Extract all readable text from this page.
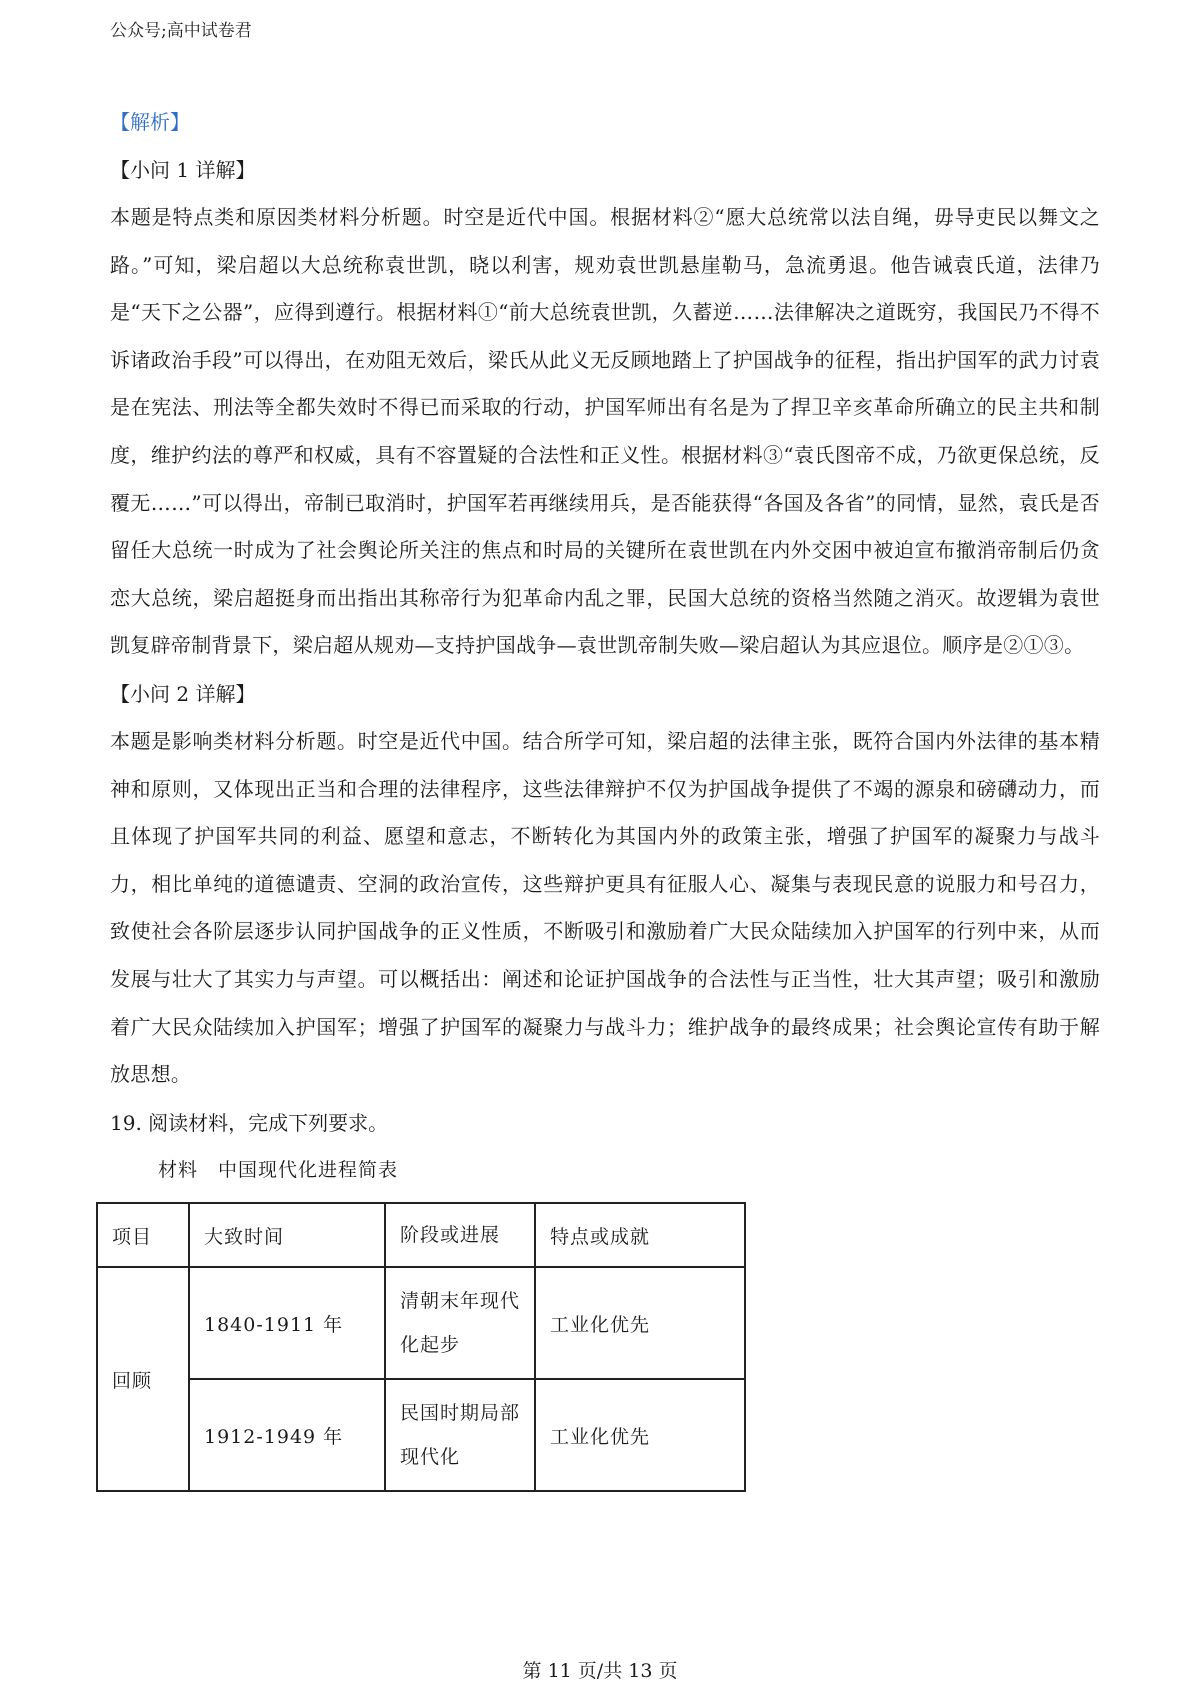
公众号;高中试卷君
【解析】
【小问 1 详解】

本题是特点类和原因类材料分析题。时空是近代中国。根据材料②“愿大总统常以法自绳，毋导吏民以舞文之路。”可知，梁启超以大总统称袁世凯，晓以利害，规劝袁世凯悬崖勒马，急流勇退。他告诫袁氏道，法律乃是“天下之公器”，应得到遵行。根据材料①“前大总统袁世凯，久蓄逆……法律解决之道既穷，我国民乃不得不诉诸政治手段”可以得出，在劝阻无效后，梁氏从此义无反顾地踏上了护国战争的征程，指出护国军的武力讨袁是在宪法、刑法等全都失效时不得已而采取的行动，护国军师出有名是为了捍卫辛亥革命所确立的民主共和制度，维护约法的尊严和权威，具有不容置疑的合法性和正义性。根据材料③“袁氏图帝不成，乃欲更保总统，反覆无……”可以得出，帝制已取消时，护国军若再继续用兵，是否能获得“各国及各省”的同情，显然，袁氏是否留任大总统一时成为了社会舆论所关注的焦点和时局的关键所在袁世凯在内外交困中被迫宣布撤消帝制后仍贪恋大总统，梁启超挺身而出指出其称帝行为犯革命内乱之罪，民国大总统的资格当然随之消灭。故逻辑为袁世凯复辟帝制背景下，梁启超从规劝—支持护国战争—袁世凯帝制失败—梁启超认为其应退位。顺序是②①③。

【小问 2 详解】

本题是影响类材料分析题。时空是近代中国。结合所学可知，梁启超的法律主张，既符合国内外法律的基本精神和原则，又体现出正当和合理的法律程序，这些法律辩护不仅为护国战争提供了不竭的源泉和磅礴动力，而且体现了护国军共同的利益、愿望和意志，不断转化为其国内外的政策主张，增强了护国军的凝聚力与战斗力，相比单纯的道德谴责、空洞的政治宣传，这些辩护更具有征服人心、凝集与表现民意的说服力和号召力，致使社会各阶层逐步认同护国战争的正义性质，不断吸引和激励着广大民众陆续加入护国军的行列中来，从而发展与壮大了其实力与声望。可以概括出：阐述和论证护国战争的合法性与正当性，壮大其声望；吸引和激励着广大民众陆续加入护国军；增强了护国军的凝聚力与战斗力；维护战争的最终成果；社会舆论宣传有助于解放思想。

19. 阅读材料，完成下列要求。
材料　中国现代化进程简表
项目	大致时间	阶段或进展	特点或成就
回顾	1840-1911 年	清朝末年现代化起步	工业化优先
	1912-1949 年	民国时期局部现代化	工业化优先
第 11 页/共 13 页
